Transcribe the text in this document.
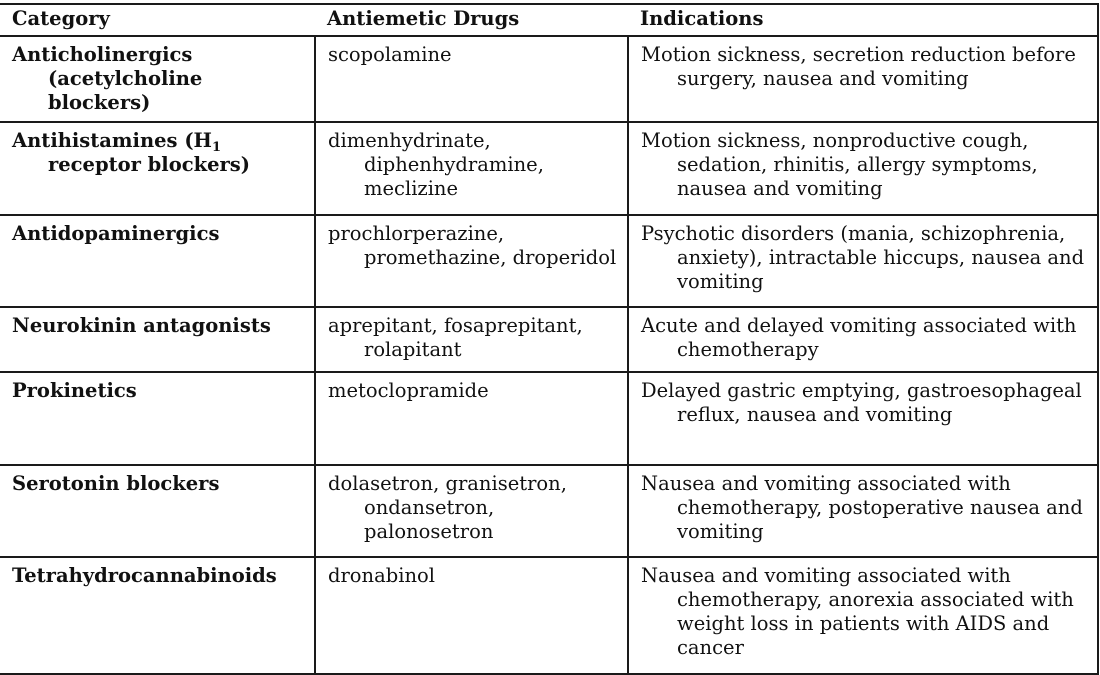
Category	Antiemetic Drugs	Indications

Anticholinergics (acetylcholine blockers)	scopolamine	Motion sickness, secretion reduction before surgery, nausea and vomiting

Antihistamines ($H_1$ receptor blockers)	dimenhydrinate, diphenhydramine, meclizine	Motion sickness, nonproductive cough, sedation, rhinitis, allergy symptoms, nausea and vomiting

Antidopaminergics	prochlorperazine, promethazine, droperidol	Psychotic disorders (mania, schizophrenia, anxiety), intractable hiccups, nausea and vomiting

Neurokinin antagonists	aprepitant, fosaprepitant, rolapitant	Acute and delayed vomiting associated with chemotherapy

Prokinetics	metoclopramide	Delayed gastric emptying, gastroesophageal reflux, nausea and vomiting

Serotonin blockers	dolasetron, granisetron, ondansetron, palonosetron	Nausea and vomiting associated with chemotherapy, postoperative nausea and vomiting

Tetrahydrocannabinoids	dronabinol	Nausea and vomiting associated with chemotherapy, anorexia associated with weight loss in patients with AIDS and cancer
